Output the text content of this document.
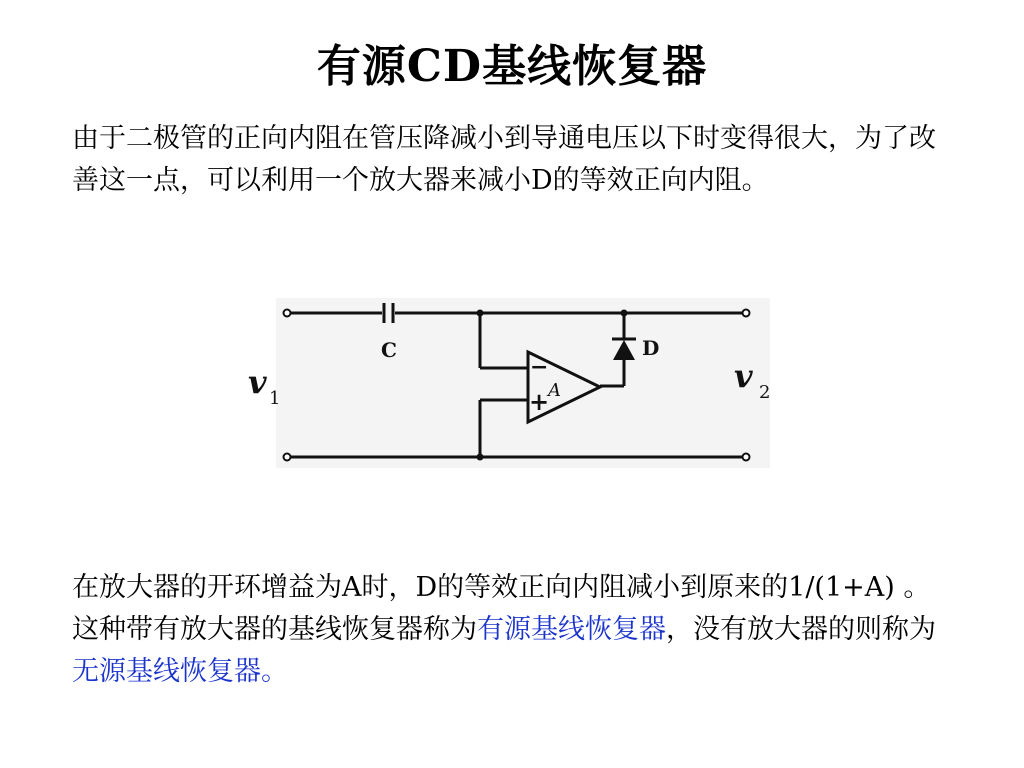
有源CD基线恢复器
由于二极管的正向内阻在管压降减小到导通电压以下时变得很大，为了改善这一点，可以利用一个放大器来减小D的等效正向内阻。
C	D
A
−
+
v 1
v 2
在放大器的开环增益为A时，D的等效正向内阻减小到原来的1/(1+A) 。这种带有放大器的基线恢复器称为有源基线恢复器，没有放大器的则称为无源基线恢复器。
